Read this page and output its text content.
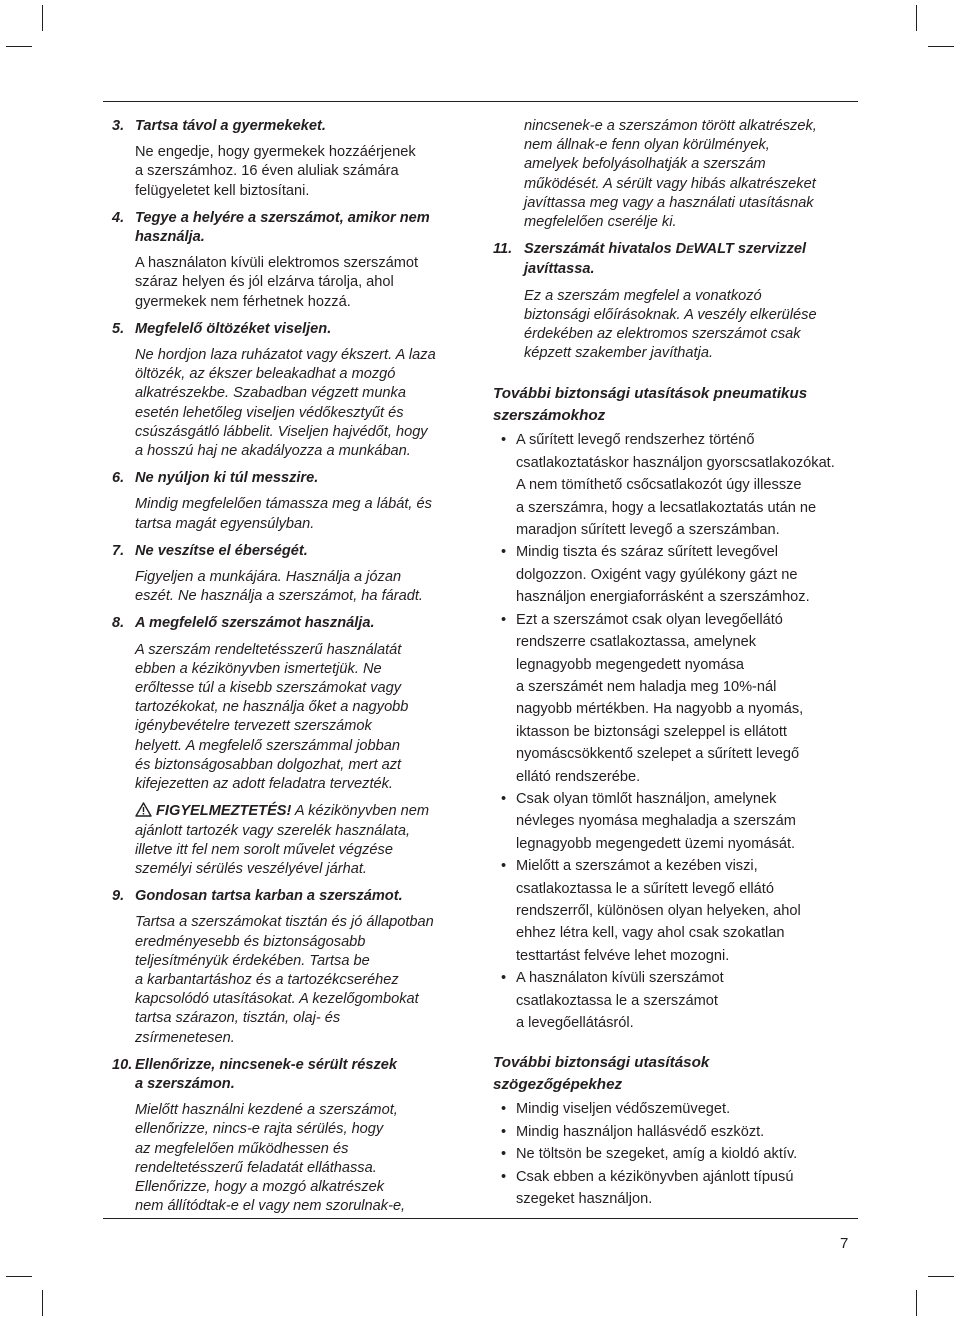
3. Tartsa távol a gyermekeket.
Ne engedje, hogy gyermekek hozzáérjenek
a szerszámhoz. 16 éven aluliak számára
felügyeletet kell biztosítani.
4. Tegye a helyére a szerszámot, amikor nem
használja.
A használaton kívüli elektromos szerszámot
száraz helyen és jól elzárva tárolja, ahol
gyermekek nem férhetnek hozzá.
5. Megfelelő öltözéket viseljen.
Ne hordjon laza ruházatot vagy ékszert. A laza
öltözék, az ékszer beleakadhat a mozgó
alkatrészekbe. Szabadban végzett munka
esetén lehetőleg viseljen védőkesztyűt és
csúszásgátló lábbelit. Viseljen hajvédőt, hogy
a hosszú haj ne akadályozza a munkában.
6. Ne nyúljon ki túl messzire.
Mindig megfelelően támassza meg a lábát, és
tartsa magát egyensúlyban.
7. Ne veszítse el éberségét.
Figyeljen a munkájára. Használja a józan
eszét. Ne használja a szerszámot, ha fáradt.
8. A megfelelő szerszámot használja.
A szerszám rendeltetésszerű használatát
ebben a kézikönyvben ismertetjük. Ne
erőltesse túl a kisebb szerszámokat vagy
tartozékokat, ne használja őket a nagyobb
igénybevételre tervezett szerszámok
helyett. A megfelelő szerszámmal jobban
és biztonságosabban dolgozhat, mert azt
kifejezetten az adott feladatra tervezték.
FIGYELMEZTETÉS! A kézikönyvben nem
ajánlott tartozék vagy szerelék használata,
illetve itt fel nem sorolt művelet végzése
személyi sérülés veszélyével járhat.
9. Gondosan tartsa karban a szerszámot.
Tartsa a szerszámokat tisztán és jó állapotban
eredményesebb és biztonságosabb
teljesítményük érdekében. Tartsa be
a karbantartáshoz és a tartozékcseréhez
kapcsolódó utasításokat. A kezelőgombokat
tartsa szárazon, tisztán, olaj- és
zsírmenetesen.
10. Ellenőrizze, nincsenek-e sérült részek
a szerszámon.
Mielőtt használni kezdené a szerszámot,
ellenőrizze, nincs-e rajta sérülés, hogy
az megfelelően működhessen és
rendeltetésszerű feladatát elláthassa.
Ellenőrizze, hogy a mozgó alkatrészek
nem állítódtak-e el vagy nem szorulnak-e,
nincsenek-e a szerszámon törött alkatrészek,
nem állnak-e fenn olyan körülmények,
amelyek befolyásolhatják a szerszám
működését. A sérült vagy hibás alkatrészeket
javíttassa meg vagy a használati utasításnak
megfelelően cserélje ki.
11. Szerszámát hivatalos DEWALT szervizzel
javíttassa.
Ez a szerszám megfelel a vonatkozó
biztonsági előírásoknak. A veszély elkerülése
érdekében az elektromos szerszámot csak
képzett szakember javíthatja.
További biztonsági utasítások pneumatikus
szerszámokhoz
• A sűrített levegő rendszerhez történő
csatlakoztatáskor használjon gyorscsatlakozókat.
A nem tömíthető csőcsatlakozót úgy illessze
a szerszámra, hogy a lecsatlakoztatás után ne
maradjon sűrített levegő a szerszámban.
• Mindig tiszta és száraz sűrített levegővel
dolgozzon. Oxigént vagy gyúlékony gázt ne
használjon energiaforrásként a szerszámhoz.
• Ezt a szerszámot csak olyan levegőellátó
rendszerre csatlakoztassa, amelynek
legnagyobb megengedett nyomása
a szerszámét nem haladja meg 10%-nál
nagyobb mértékben. Ha nagyobb a nyomás,
iktasson be biztonsági szeleppel is ellátott
nyomáscsökkentő szelepet a sűrített levegő
ellátó rendszerébe.
• Csak olyan tömlőt használjon, amelynek
névleges nyomása meghaladja a szerszám
legnagyobb megengedett üzemi nyomását.
• Mielőtt a szerszámot a kezében viszi,
csatlakoztassa le a sűrített levegő ellátó
rendszerről, különösen olyan helyeken, ahol
ehhez létra kell, vagy ahol csak szokatlan
testtartást felvéve lehet mozogni.
• A használaton kívüli szerszámot
csatlakoztassa le a szerszámot
a levegőellátásról.
További biztonsági utasítások
szögezőgépekhez
• Mindig viseljen védőszemüveget.
• Mindig használjon hallásvédő eszközt.
• Ne töltsön be szegeket, amíg a kioldó aktív.
• Csak ebben a kézikönyvben ajánlott típusú
szegeket használjon.
7
